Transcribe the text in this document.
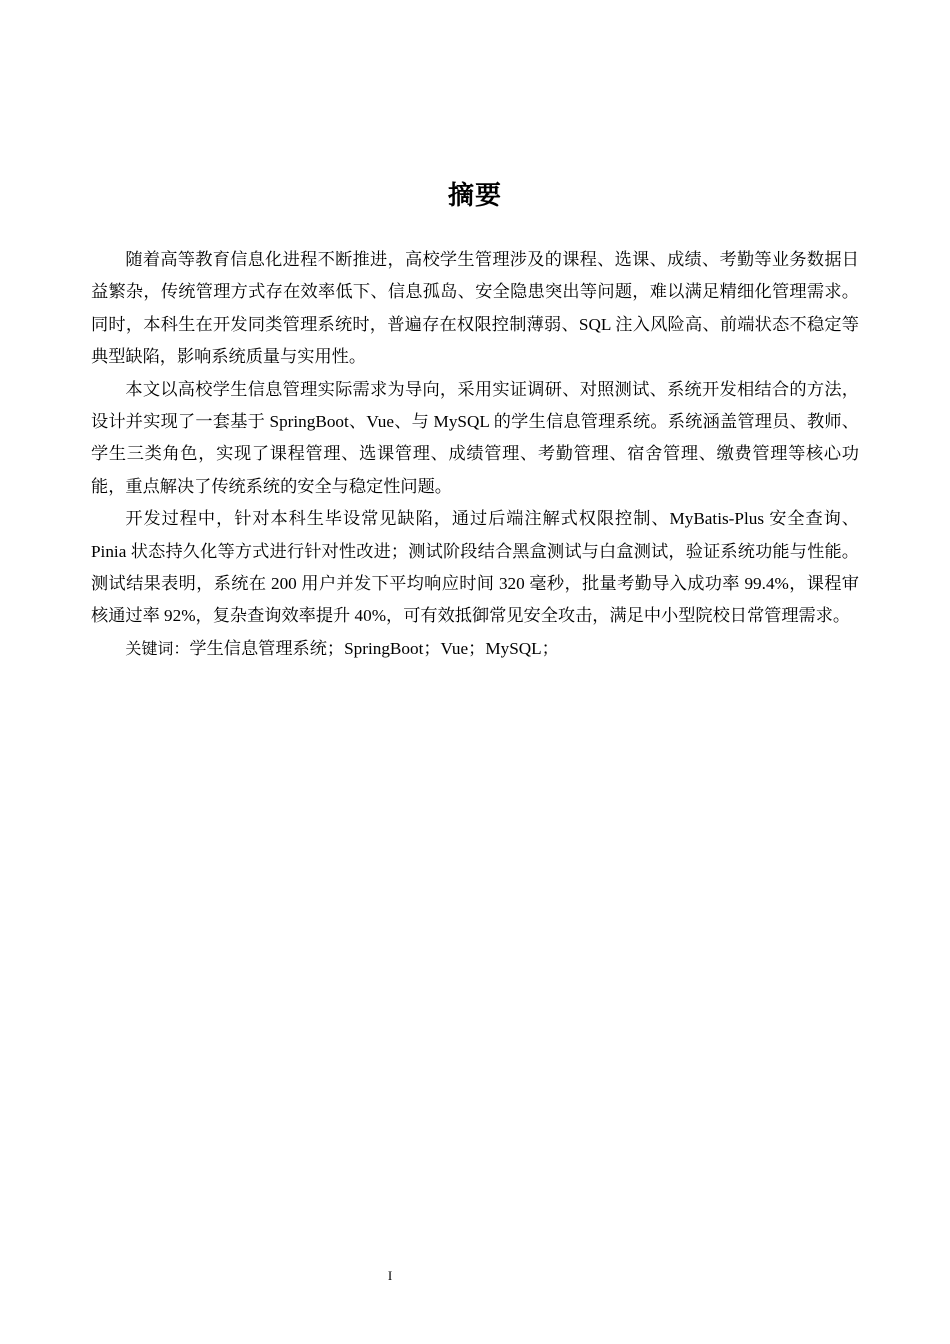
摘要

随着高等教育信息化进程不断推进，高校学生管理涉及的课程、选课、成绩、考勤等业务数据日益繁杂，传统管理方式存在效率低下、信息孤岛、安全隐患突出等问题，难以满足精细化管理需求。同时，本科生在开发同类管理系统时，普遍存在权限控制薄弱、SQL 注入风险高、前端状态不稳定等典型缺陷，影响系统质量与实用性。

本文以高校学生信息管理实际需求为导向，采用实证调研、对照测试、系统开发相结合的方法，设计并实现了一套基于 SpringBoot、Vue、与 MySQL 的学生信息管理系统。系统涵盖管理员、教师、学生三类角色，实现了课程管理、选课管理、成绩管理、考勤管理、宿舍管理、缴费管理等核心功能，重点解决了传统系统的安全与稳定性问题。

开发过程中，针对本科生毕设常见缺陷，通过后端注解式权限控制、MyBatis-Plus 安全查询、Pinia 状态持久化等方式进行针对性改进；测试阶段结合黑盒测试与白盒测试，验证系统功能与性能。测试结果表明，系统在 200 用户并发下平均响应时间 320 毫秒，批量考勤导入成功率 99.4%，课程审核通过率 92%，复杂查询效率提升 40%，可有效抵御常见安全攻击，满足中小型院校日常管理需求。

关键词：学生信息管理系统；SpringBoot；Vue；MySQL；

I
